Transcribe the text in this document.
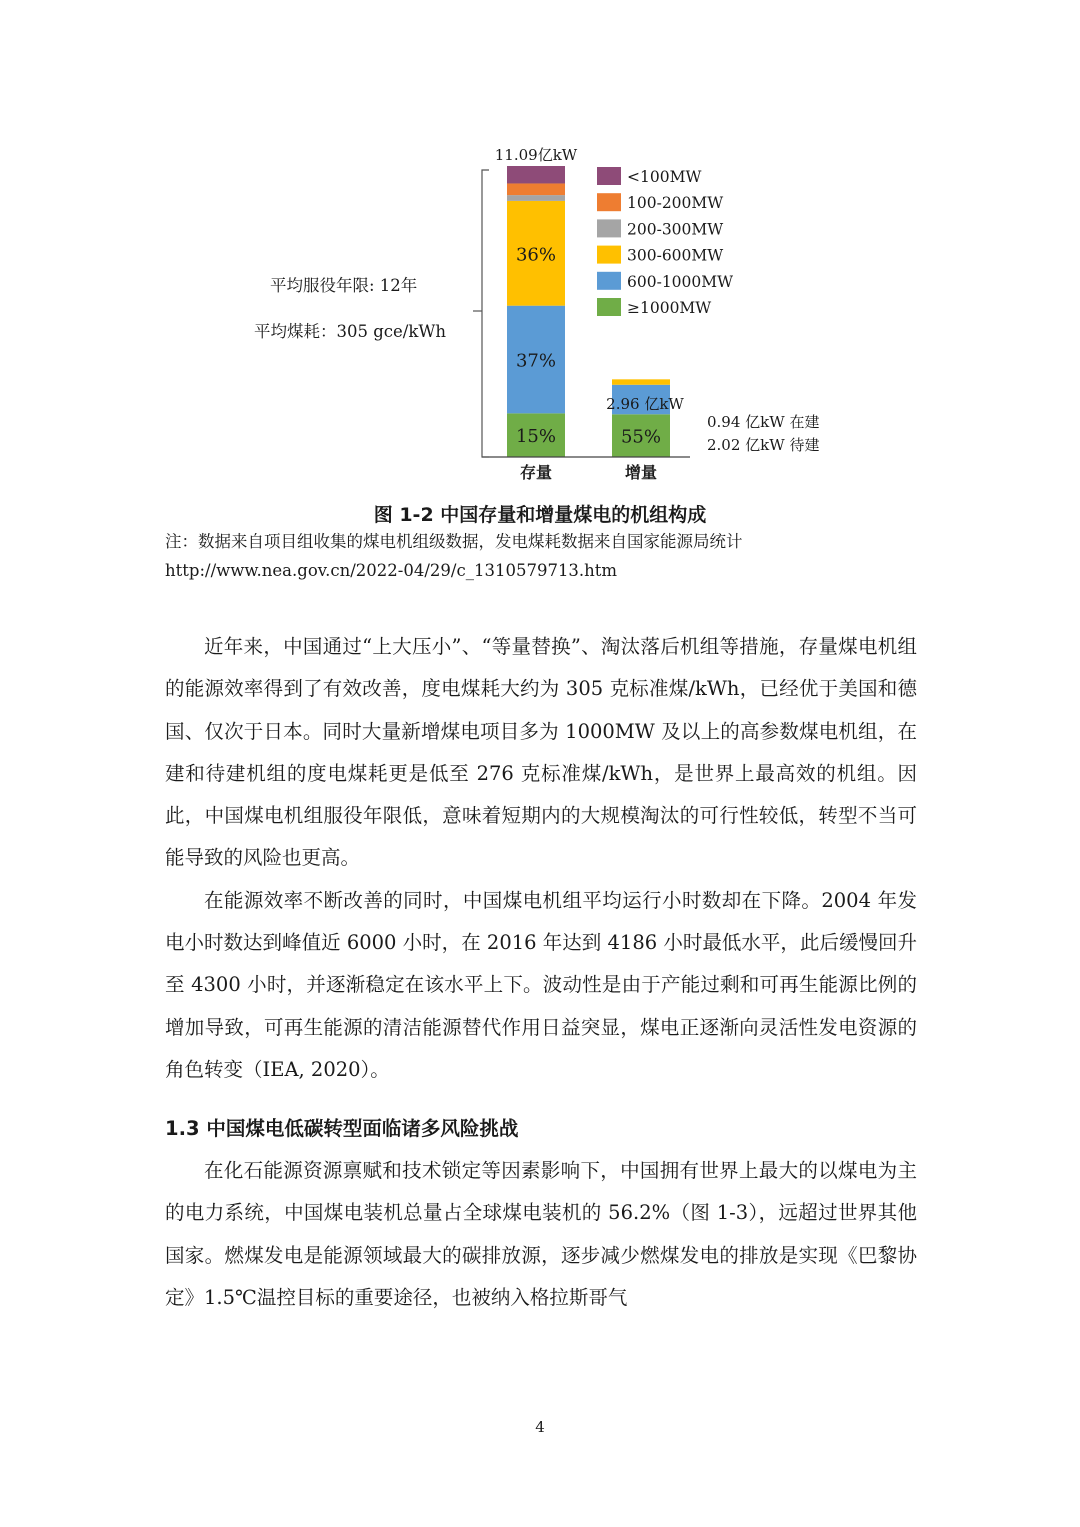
36%
37%
15%	55%
11.09亿kW
2.96 亿kW
存量	增量
平均服役年限: 12年
平均煤耗：305 gce/kWh
0.94 亿kW 在建
2.02 亿kW 待建
<100MW
100-200MW
200-300MW
300-600MW
600-1000MW
≥1000MW
图 1-2 中国存量和增量煤电的机组构成
注：数据来自项目组收集的煤电机组级数据，发电煤耗数据来自国家能源局统计
http://www.nea.gov.cn/2022-04/29/c_1310579713.htm

近年来，中国通过“上大压小”、“等量替换”、淘汰落后机组等措施，存量煤电机组的能源效率得到了有效改善，度电煤耗大约为 305 克标准煤/kWh，已经优于美国和德国、仅次于日本。同时大量新增煤电项目多为 1000MW 及以上的高参数煤电机组，在建和待建机组的度电煤耗更是低至 276 克标准煤/kWh，是世界上最高效的机组。因此，中国煤电机组服役年限低，意味着短期内的大规模淘汰的可行性较低，转型不当可能导致的风险也更高。

在能源效率不断改善的同时，中国煤电机组平均运行小时数却在下降。2004 年发电小时数达到峰值近 6000 小时，在 2016 年达到 4186 小时最低水平，此后缓慢回升至 4300 小时，并逐渐稳定在该水平上下。波动性是由于产能过剩和可再生能源比例的增加导致，可再生能源的清洁能源替代作用日益突显，煤电正逐渐向灵活性发电资源的角色转变（IEA, 2020）。

1.3 中国煤电低碳转型面临诸多风险挑战

在化石能源资源禀赋和技术锁定等因素影响下，中国拥有世界上最大的以煤电为主的电力系统，中国煤电装机总量占全球煤电装机的 56.2%（图 1-3），远超过世界其他国家。燃煤发电是能源领域最大的碳排放源，逐步减少燃煤发电的排放是实现《巴黎协定》1.5℃温控目标的重要途径，也被纳入格拉斯哥气

4
